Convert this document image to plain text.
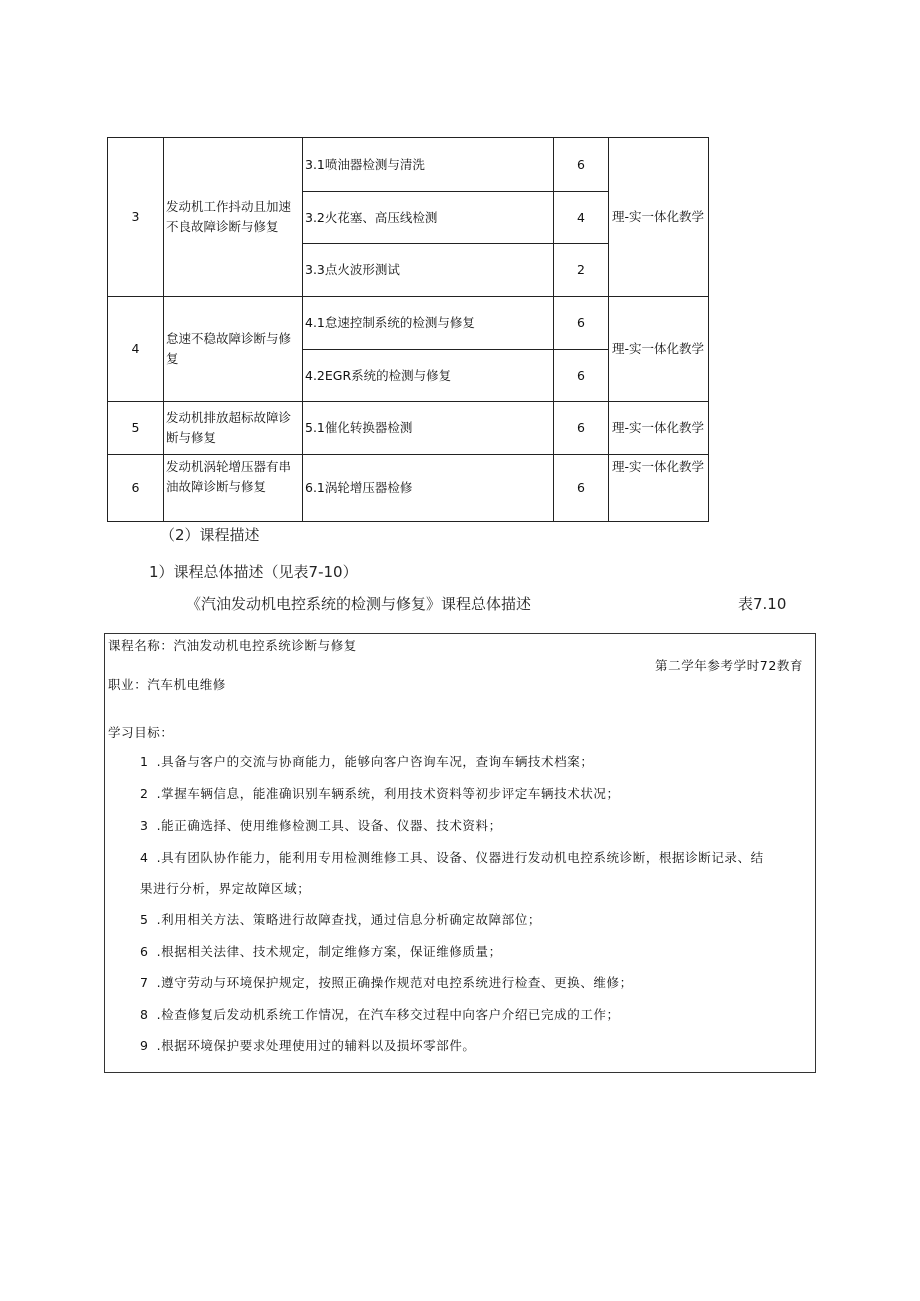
3	发动机工作抖动且加速不良故障诊断与修复	3.1喷油器检测与清洗	6	理-实一体化教学
		3.2火花塞、高压线检测	4	
		3.3点火波形测试	2	
4	怠速不稳故障诊断与修复	4.1怠速控制系统的检测与修复	6	理-实一体化教学
		4.2EGR系统的检测与修复	6	
5	发动机排放超标故障诊断与修复	5.1催化转换器检测	6	理-实一体化教学
6	发动机涡轮增压器有串油故障诊断与修复	6.1涡轮增压器检修	6	理-实一体化教学
（2）课程描述
1）课程总体描述（见表7-10）
《汽油发动机电控系统的检测与修复》课程总体描述	表7.10
课程名称：汽油发动机电控系统诊断与修复
第二学年参考学时72教育
职业：汽车机电维修
学习目标：
1 .具备与客户的交流与协商能力，能够向客户咨询车况，查询车辆技术档案；
2 .掌握车辆信息，能准确识别车辆系统，利用技术资料等初步评定车辆技术状况；
3 .能正确选择、使用维修检测工具、设备、仪器、技术资料；
4 .具有团队协作能力，能利用专用检测维修工具、设备、仪器进行发动机电控系统诊断，根据诊断记录、结
果进行分析，界定故障区域；
5 .利用相关方法、策略进行故障查找，通过信息分析确定故障部位；
6 .根据相关法律、技术规定，制定维修方案，保证维修质量；
7 .遵守劳动与环境保护规定，按照正确操作规范对电控系统进行检查、更换、维修；
8 .检查修复后发动机系统工作情况，在汽车移交过程中向客户介绍已完成的工作；
9 .根据环境保护要求处理使用过的辅料以及损坏零部件。
